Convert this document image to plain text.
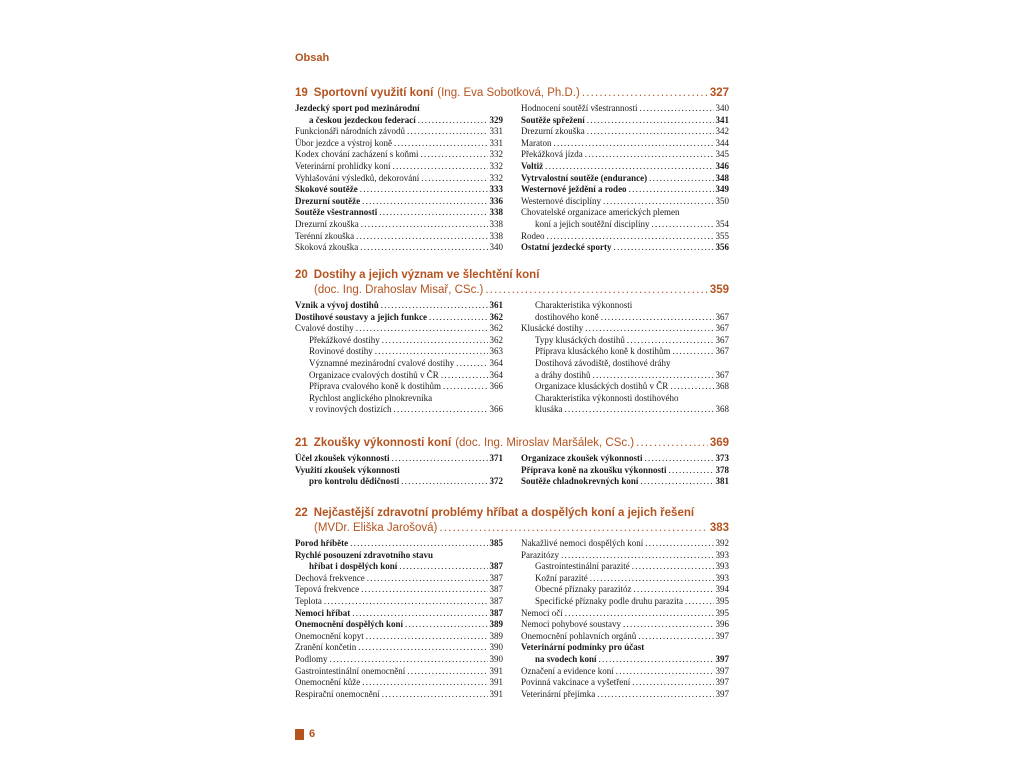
Obsah
19 Sportovní využití koní (Ing. Eva Sobotková, Ph.D.) . . .	327
Jezdecký sport pod mezinárodní
a českou jezdeckou federací . . .	329
Funkcionáři národních závodů . . .	331
Úbor jezdce a výstroj koně . . .	331
Kodex chování zacházení s koňmi . . .	332
Veterinární prohlídky koní . . .	332
Vyhlašování výsledků, dekorování . . .	332
Skokové soutěže . . .	333
Drezurní soutěže . . .	336
Soutěže všestrannosti . . .	338
Drezurní zkouška . . .	338
Terénní zkouška . . .	338
Skoková zkouška . . .	340
Hodnocení soutěží všestrannosti . . .	340
Soutěže spřežení . . .	341
Drezurní zkouška . . .	342
Maraton . . .	344
Překážková jízda . . .	345
Voltiž . . .	346
Vytrvalostní soutěže (endurance) . . .	348
Westernové ježdění a rodeo . . .	349
Westernové disciplíny . . .	350
Chovatelské organizace amerických plemen
koní a jejich soutěžní disciplíny . . .	354
Rodeo . . .	355
Ostatní jezdecké sporty . . .	356
20 Dostihy a jejich význam ve šlechtění koní
(doc. Ing. Drahoslav Misař, CSc.) . . .	359
Vznik a vývoj dostihů . . .	361
Dostihové soustavy a jejich funkce . . .	362
Cvalové dostihy . . .	362
Překážkové dostihy . . .	362
Rovinové dostihy . . .	363
Významné mezinárodní cvalové dostihy . . .	364
Organizace cvalových dostihů v ČR . . .	364
Příprava cvalového koně k dostihům . . .	366
Rychlost anglického plnokrevníka
v rovinových dostizích . . .	366
Charakteristika výkonnosti
dostihového koně . . .	367
Klusácké dostihy . . .	367
Typy klusáckých dostihů . . .	367
Příprava klusáckého koně k dostihům . . .	367
Dostihová závodiště, dostihové dráhy
a dráhy dostihů . . .	367
Organizace klusáckých dostihů v ČR . . .	368
Charakteristika výkonnosti dostihového
klusáka . . .	368
21 Zkoušky výkonnosti koní (doc. Ing. Miroslav Maršálek, CSc.) . . .	369
Účel zkoušek výkonnosti . . .	371
Využití zkoušek výkonnosti
pro kontrolu dědičnosti . . .	372
Organizace zkoušek výkonnosti . . .	373
Příprava koně na zkoušku výkonnosti . . .	378
Soutěže chladnokrevných koní . . .	381
22 Nejčastější zdravotní problémy hříbat a dospělých koní a jejich řešení
(MVDr. Eliška Jarošová) . . .	383
Porod hříběte . . .	385
Rychlé posouzení zdravotního stavu
hříbat i dospělých koní . . .	387
Dechová frekvence . . .	387
Tepová frekvence . . .	387
Teplota . . .	387
Nemoci hříbat . . .	387
Onemocnění dospělých koní . . .	389
Onemocnění kopyt . . .	389
Zranění končetin . . .	390
Podlomy . . .	390
Gastrointestinální onemocnění . . .	391
Onemocnění kůže . . .	391
Respirační onemocnění . . .	391
Nakažlivé nemoci dospělých koní . . .	392
Parazitózy . . .	393
Gastrointestinální parazité . . .	393
Kožní parazité . . .	393
Obecné příznaky parazitóz . . .	394
Specifické příznaky podle druhu parazita . . .	395
Nemoci očí . . .	395
Nemoci pohybové soustavy . . .	396
Onemocnění pohlavních orgánů . . .	397
Veterinární podmínky pro účast
na svodech koní . . .	397
Označení a evidence koní . . .	397
Povinná vakcinace a vyšetření . . .	397
Veterinární přejímka . . .	397
6
